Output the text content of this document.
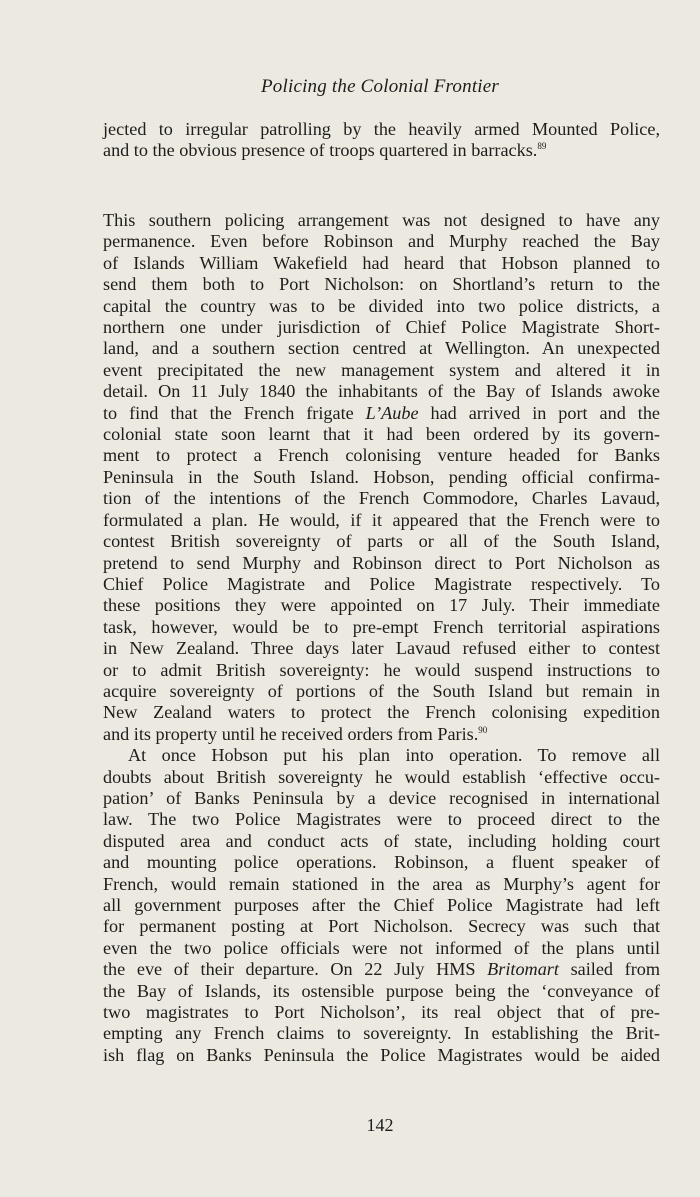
Policing the Colonial Frontier

jected to irregular patrolling by the heavily armed Mounted Police,
and to the obvious presence of troops quartered in barracks.$^{89}$

This southern policing arrangement was not designed to have any
permanence. Even before Robinson and Murphy reached the Bay
of Islands William Wakefield had heard that Hobson planned to
send them both to Port Nicholson: on Shortland’s return to the
capital the country was to be divided into two police districts, a
northern one under jurisdiction of Chief Police Magistrate Short-
land, and a southern section centred at Wellington. An unexpected
event precipitated the new management system and altered it in
detail. On 11 July 1840 the inhabitants of the Bay of Islands awoke
to find that the French frigate L’Aube had arrived in port and the
colonial state soon learnt that it had been ordered by its govern-
ment to protect a French colonising venture headed for Banks
Peninsula in the South Island. Hobson, pending official confirma-
tion of the intentions of the French Commodore, Charles Lavaud,
formulated a plan. He would, if it appeared that the French were to
contest British sovereignty of parts or all of the South Island,
pretend to send Murphy and Robinson direct to Port Nicholson as
Chief Police Magistrate and Police Magistrate respectively. To
these positions they were appointed on 17 July. Their immediate
task, however, would be to pre-empt French territorial aspirations
in New Zealand. Three days later Lavaud refused either to contest
or to admit British sovereignty: he would suspend instructions to
acquire sovereignty of portions of the South Island but remain in
New Zealand waters to protect the French colonising expedition
and its property until he received orders from Paris.$^{90}$

At once Hobson put his plan into operation. To remove all
doubts about British sovereignty he would establish ‘effective occu-
pation’ of Banks Peninsula by a device recognised in international
law. The two Police Magistrates were to proceed direct to the
disputed area and conduct acts of state, including holding court
and mounting police operations. Robinson, a fluent speaker of
French, would remain stationed in the area as Murphy’s agent for
all government purposes after the Chief Police Magistrate had left
for permanent posting at Port Nicholson. Secrecy was such that
even the two police officials were not informed of the plans until
the eve of their departure. On 22 July HMS Britomart sailed from
the Bay of Islands, its ostensible purpose being the ‘conveyance of
two magistrates to Port Nicholson’, its real object that of pre-
empting any French claims to sovereignty. In establishing the Brit-
ish flag on Banks Peninsula the Police Magistrates would be aided

142
